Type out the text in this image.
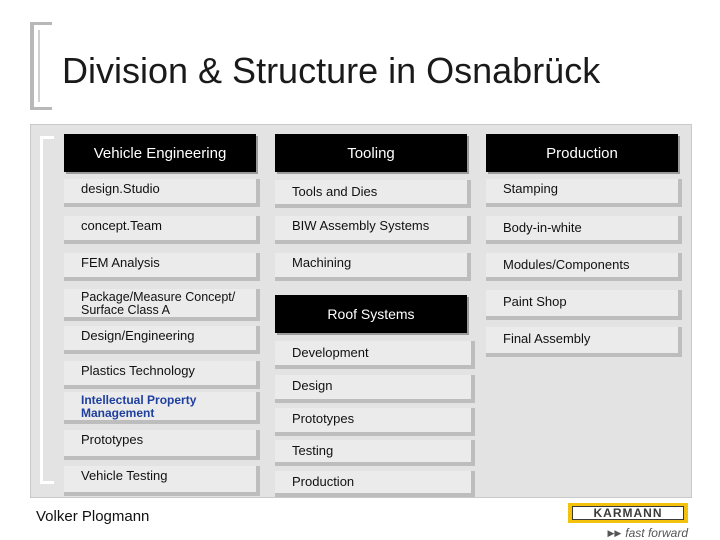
Division & Structure in Osnabrück
Vehicle Engineering
design.Studio
concept.Team
FEM Analysis
Package/Measure Concept/ Surface Class A
Design/Engineering
Plastics Technology
Intellectual Property Management
Prototypes
Vehicle Testing
Tooling
Tools and Dies
BIW Assembly Systems
Machining
Roof Systems
Development
Design
Prototypes
Testing
Production
Production
Stamping
Body-in-white
Modules/Components
Paint Shop
Final Assembly
Volker Plogmann	KARMANN
▶▶ fast forward
